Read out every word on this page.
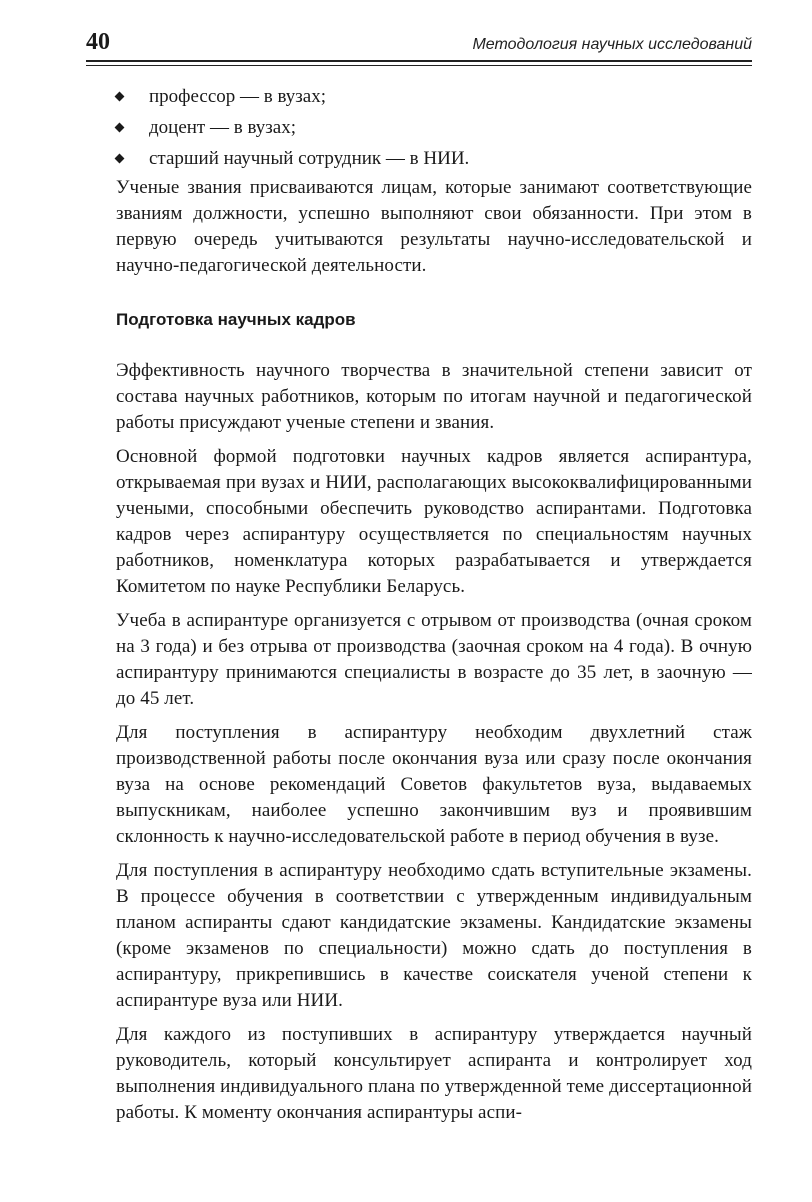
40	Методология научных исследований
профессор — в вузах;
доцент — в вузах;
старший научный сотрудник — в НИИ.

Ученые звания присваиваются лицам, которые занимают соответствующие званиям должности, успешно выполняют свои обязанности. При этом в первую очередь учитываются результаты научно-исследовательской и научно-педагогической деятельности.

Подготовка научных кадров

Эффективность научного творчества в значительной степени зависит от состава научных работников, которым по итогам научной и педагогической работы присуждают ученые степени и звания.

Основной формой подготовки научных кадров является аспирантура, открываемая при вузах и НИИ, располагающих высококвалифицированными учеными, способными обеспечить руководство аспирантами. Подготовка кадров через аспирантуру осуществляется по специальностям научных работников, номенклатура которых разрабатывается и утверждается Комитетом по науке Республики Беларусь.

Учеба в аспирантуре организуется с отрывом от производства (очная сроком на 3 года) и без отрыва от производства (заочная сроком на 4 года). В очную аспирантуру принимаются специалисты в возрасте до 35 лет, в заочную — до 45 лет.

Для поступления в аспирантуру необходим двухлетний стаж производственной работы после окончания вуза или сразу после окончания вуза на основе рекомендаций Советов факультетов вуза, выдаваемых выпускникам, наиболее успешно закончившим вуз и проявившим склонность к научно-исследовательской работе в период обучения в вузе.

Для поступления в аспирантуру необходимо сдать вступительные экзамены. В процессе обучения в соответствии с утвержденным индивидуальным планом аспиранты сдают кандидатские экзамены. Кандидатские экзамены (кроме экзаменов по специальности) можно сдать до поступления в аспирантуру, прикрепившись в качестве соискателя ученой степени к аспирантуре вуза или НИИ.

Для каждого из поступивших в аспирантуру утверждается научный руководитель, который консультирует аспиранта и контролирует ход выполнения индивидуального плана по утвержденной теме диссертационной работы. К моменту окончания аспирантуры аспи-
